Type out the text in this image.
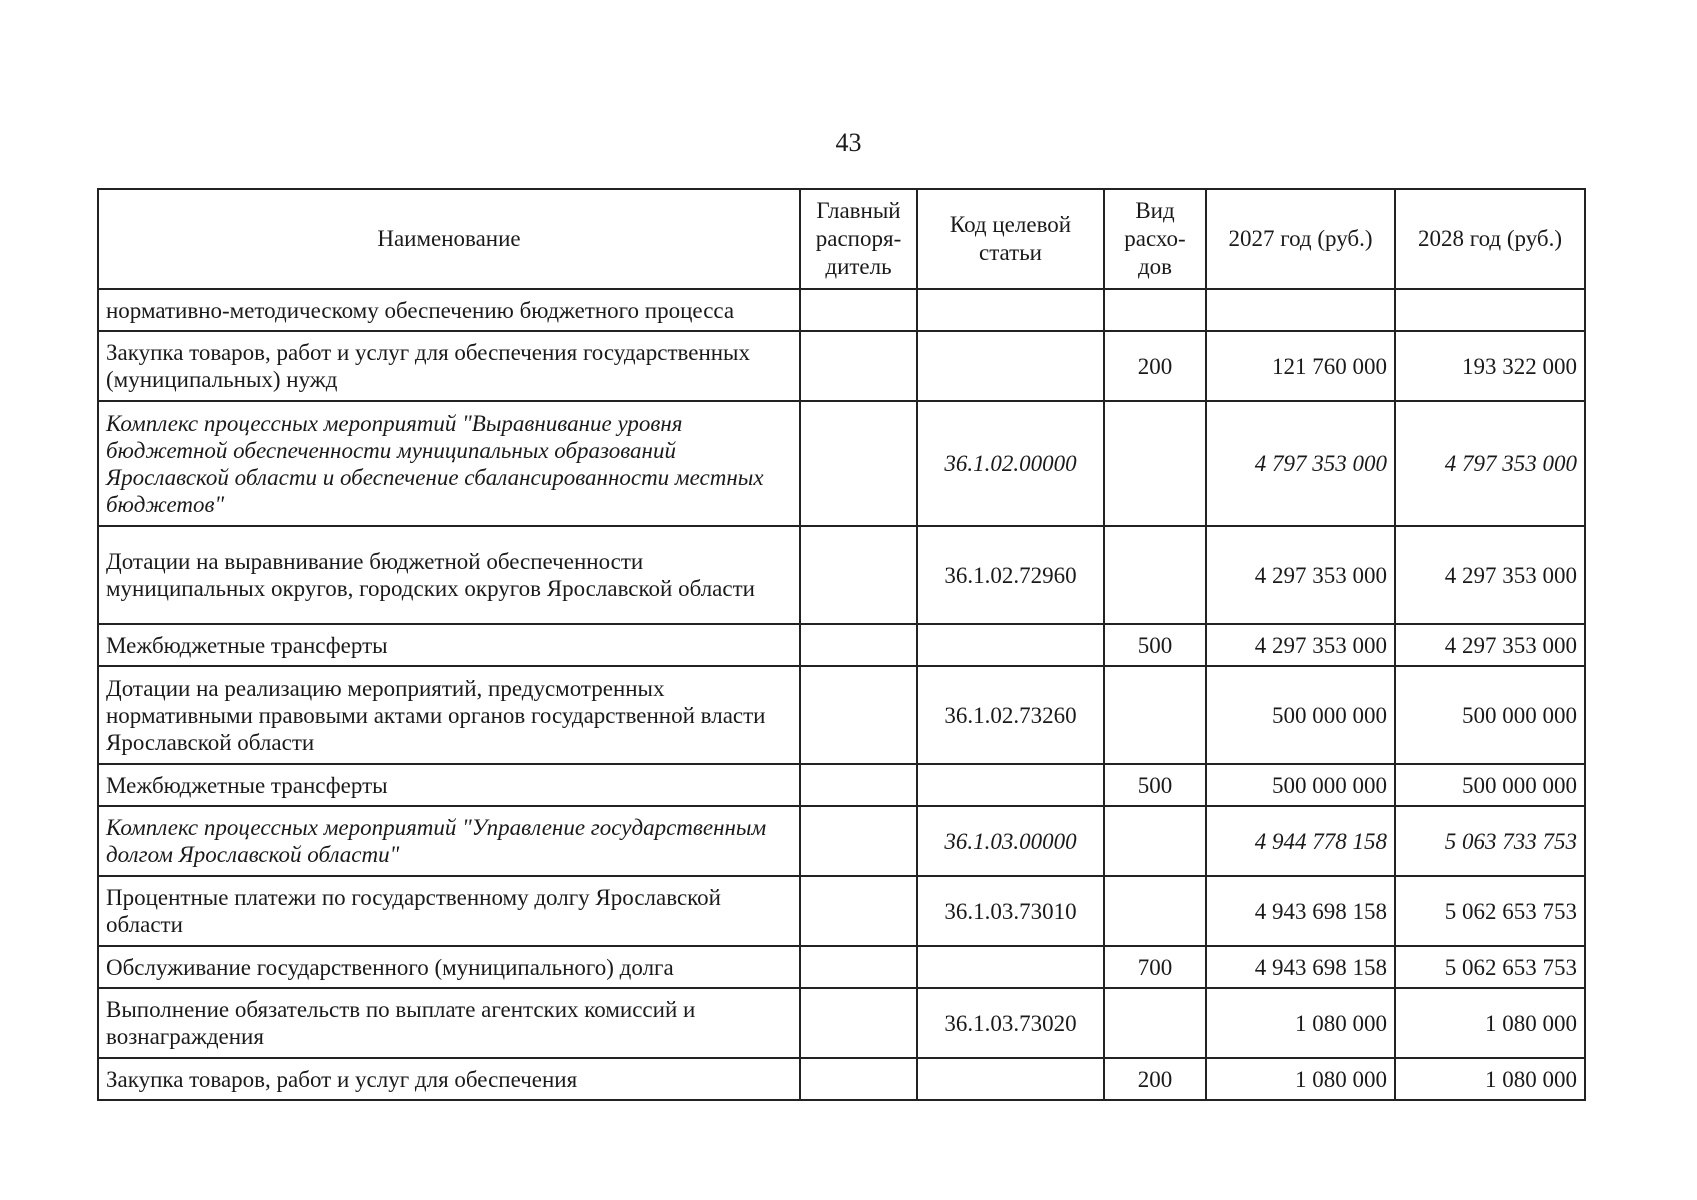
43
Наименование	Главный распоря-дитель	Код целевой статьи	Вид расхо-дов	2027 год (руб.)	2028 год (руб.)
нормативно-методическому обеспечению бюджетного процесса					
Закупка товаров, работ и услуг для обеспечения государственных (муниципальных) нужд			200	121 760 000	193 322 000
Комплекс процессных мероприятий "Выравнивание уровня бюджетной обеспеченности муниципальных образований Ярославской области и обеспечение сбалансированности местных бюджетов"		36.1.02.00000		4 797 353 000	4 797 353 000
Дотации на выравнивание бюджетной обеспеченности муниципальных округов, городских округов Ярославской области		36.1.02.72960		4 297 353 000	4 297 353 000
Межбюджетные трансферты			500	4 297 353 000	4 297 353 000
Дотации на реализацию мероприятий, предусмотренных нормативными правовыми актами органов государственной власти Ярославской области		36.1.02.73260		500 000 000	500 000 000
Межбюджетные трансферты			500	500 000 000	500 000 000
Комплекс процессных мероприятий "Управление государственным долгом Ярославской области"		36.1.03.00000		4 944 778 158	5 063 733 753
Процентные платежи по государственному долгу Ярославской области		36.1.03.73010		4 943 698 158	5 062 653 753
Обслуживание государственного (муниципального) долга			700	4 943 698 158	5 062 653 753
Выполнение обязательств по выплате агентских комиссий и вознаграждения		36.1.03.73020		1 080 000	1 080 000
Закупка товаров, работ и услуг для обеспечения			200	1 080 000	1 080 000
